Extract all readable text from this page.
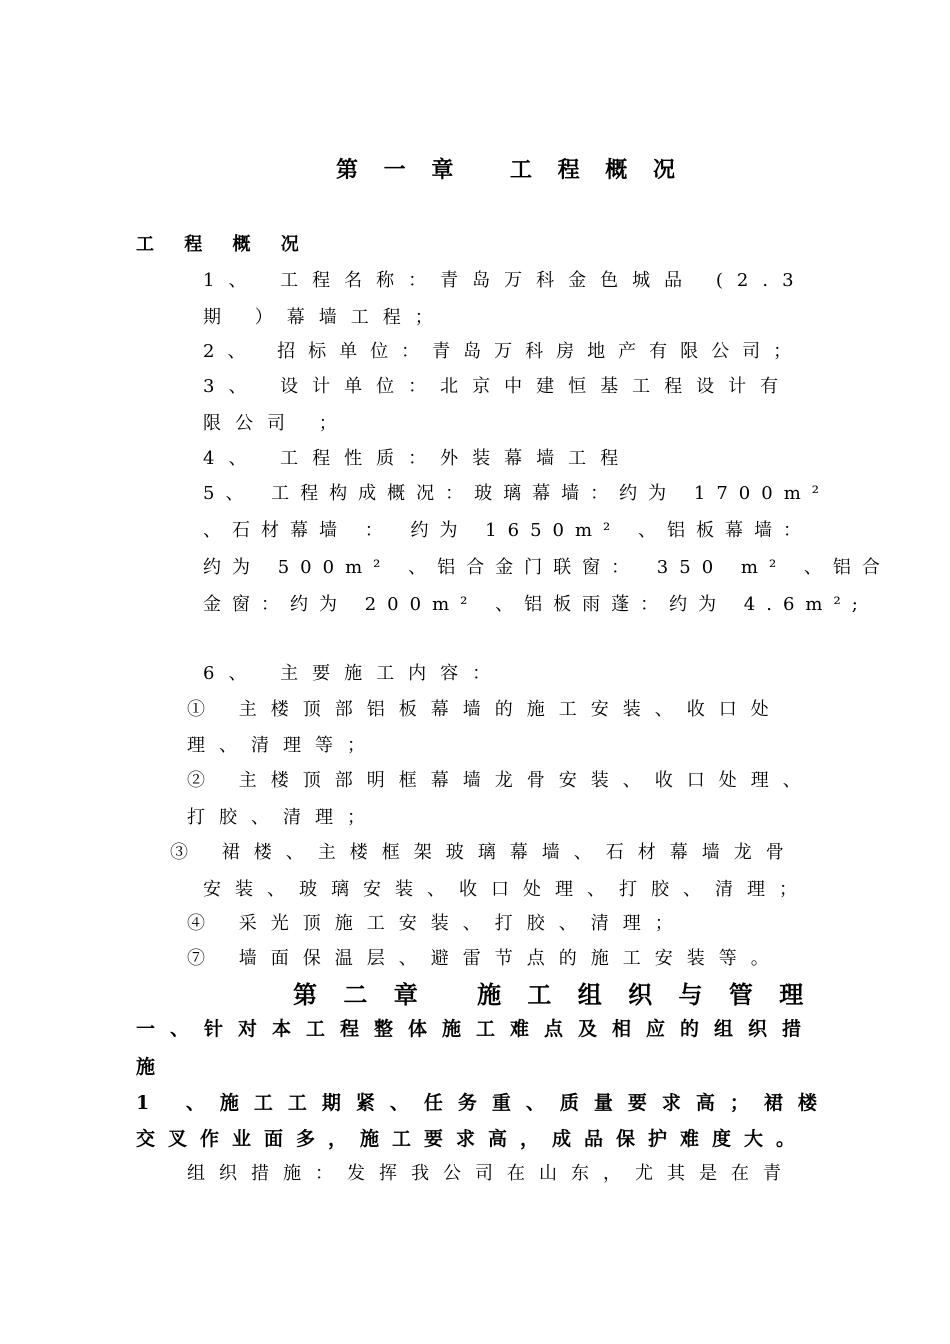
第 一 章　 工 程 概 况
工 程 概 况
1、 工程名称：青岛万科金色城品 (2.3
期 ）幕墙工程；
2、 招标单位：青岛万科房地产有限公司；
3、 设计单位：北京中建恒基工程设计有
限公司 ；
4、 工程性质：外装幕墙工程
5、 工程构成概况：玻璃幕墙：约为 1700m²
、石材幕墙 ： 约为 1650m² 、铝板幕墙：
约为 500m² 、铝合金门联窗： 350 m² 、铝合
金窗：约为 200m² 、铝板雨蓬：约为 4.6m²;
6、 主要施工内容：
① 主楼顶部铝板幕墙的施工安装、收口处
理、清理等；
② 主楼顶部明框幕墙龙骨安装、收口处理、
打胶、清理；
③ 裙楼、主楼框架玻璃幕墙、石材幕墙龙骨
安装、玻璃安装、收口处理、打胶、清理；
④ 采光顶施工安装、打胶、清理；
⑦ 墙面保温层、避雷节点的施工安装等。
第 二 章　 施 工 组 织 与 管 理
一、针对本工程整体施工难点及相应的组织措
施
1 、施工工期紧、任务重、质量要求高；裙楼
交叉作业面多，施工要求高，成品保护难度大。
组织措施：发挥我公司在山东，尤其是在青
